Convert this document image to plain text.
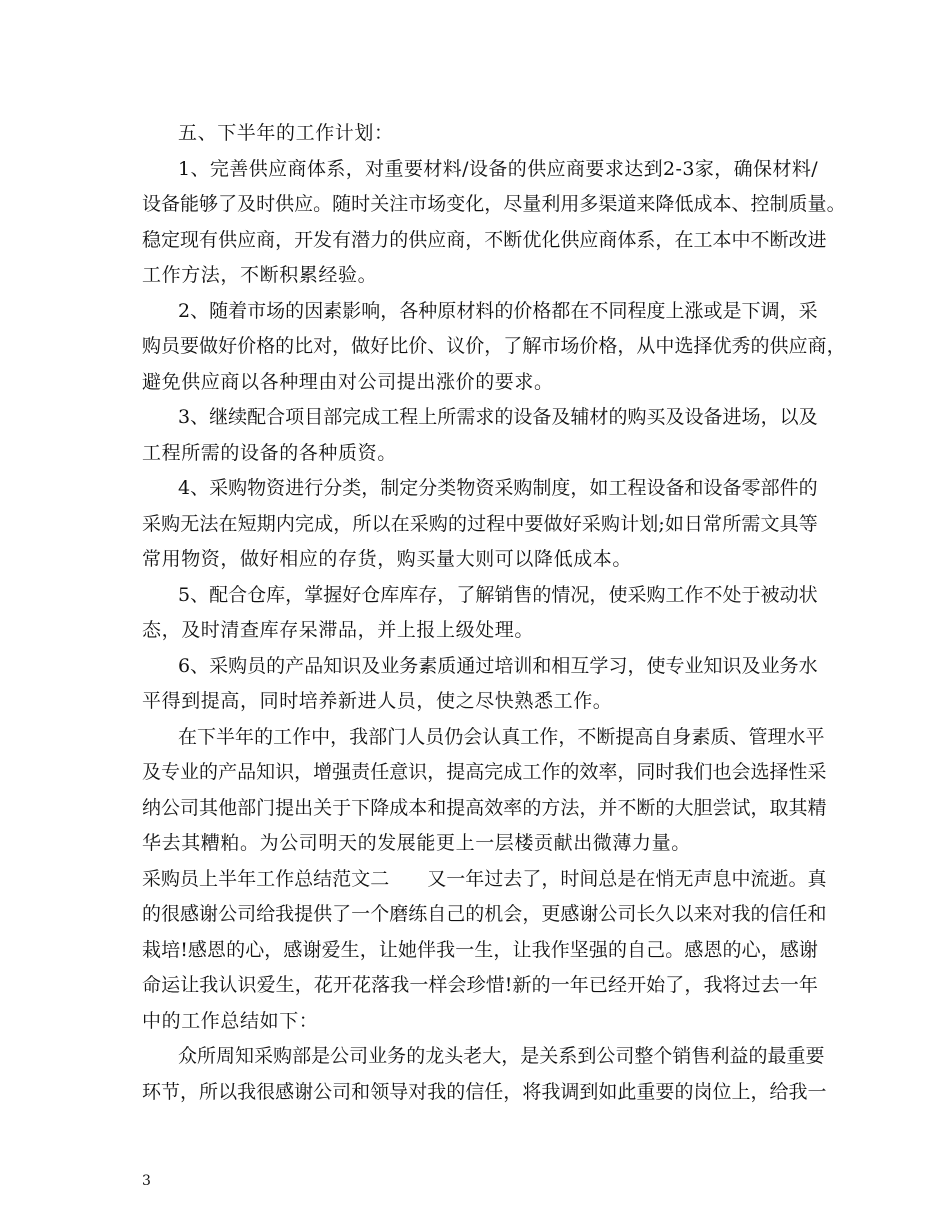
五、下半年的工作计划：
1 、 完 善 供 应 商 体 系 ， 对 重 要 材 料 / 设 备 的 供 应 商 要 求 达 到 2 - 3 家 ， 确 保 材 料 /
设 备 能 够 了 及 时 供 应 。 随 时 关 注 市 场 变 化 ， 尽 量 利 用 多 渠 道 来 降 低 成 本 、 控 制 质 量 。
稳 定 现 有 供 应 商 ， 开 发 有 潜 力 的 供 应 商 ， 不 断 优 化 供 应 商 体 系 ， 在 工 本 中 不 断 改 进
工作方法，不断积累经验。
2 、 随 着 市 场 的 因 素 影 响 ， 各 种 原 材 料 的 价 格 都 在 不 同 程 度 上 涨 或 是 下 调 ， 采
购 员 要 做 好 价 格 的 比 对 ， 做 好 比 价 、 议 价 ， 了 解 市 场 价 格 ， 从 中 选 择 优 秀 的 供 应 商 ，
避免供应商以各种理由对公司提出涨价的要求。
3 、 继 续 配 合 项 目 部 完 成 工 程 上 所 需 求 的 设 备 及 辅 材 的 购 买 及 设 备 进 场 ， 以 及
工程所需的设备的各种质资。
4 、 采 购 物 资 进 行 分 类 ， 制 定 分 类 物 资 采 购 制 度 ， 如 工 程 设 备 和 设 备 零 部 件 的
采 购 无 法 在 短 期 内 完 成 ， 所 以 在 采 购 的 过 程 中 要 做 好 采 购 计 划 ; 如 日 常 所 需 文 具 等
常用物资，做好相应的存货，购买量大则可以降低成本。
5 、 配 合 仓 库 ， 掌 握 好 仓 库 库 存 ， 了 解 销 售 的 情 况 ， 使 采 购 工 作 不 处 于 被 动 状
态，及时清查库存呆滞品，并上报上级处理。
6 、 采 购 员 的 产 品 知 识 及 业 务 素 质 通 过 培 训 和 相 互 学 习 ， 使 专 业 知 识 及 业 务 水
平得到提高，同时培养新进人员，使之尽快熟悉工作。
在 下 半 年 的 工 作 中 ， 我 部 门 人 员 仍 会 认 真 工 作 ， 不 断 提 高 自 身 素 质 、 管 理 水 平
及 专 业 的 产 品 知 识 ， 增 强 责 任 意 识 ， 提 高 完 成 工 作 的 效 率 ， 同 时 我 们 也 会 选 择 性 采
纳 公 司 其 他 部 门 提 出 关 于 下 降 成 本 和 提 高 效 率 的 方 法 ， 并 不 断 的 大 胆 尝 试 ， 取 其 精
华去其糟粕。为公司明天的发展能更上一层楼贡献出微薄力量。
采 购 员 上 半 年 工 作 总 结 范 文 二

　 又 一 年 过 去 了 ， 时 间 总 是 在 悄 无 声 息 中 流 逝 。 真
的 很 感 谢 公 司 给 我 提 供 了 一 个 磨 练 自 己 的 机 会 ， 更 感 谢 公 司 长 久 以 来 对 我 的 信 任 和
栽 培 ! 感 恩 的 心 ， 感 谢 爱 生 ， 让 她 伴 我 一 生 ， 让 我 作 坚 强 的 自 己 。 感 恩 的 心 ， 感 谢
命 运 让 我 认 识 爱 生 ， 花 开 花 落 我 一 样 会 珍 惜 ! 新 的 一 年 已 经 开 始 了 ， 我 将 过 去 一 年
中的工作总结如下：
众 所 周 知 采 购 部 是 公 司 业 务 的 龙 头 老 大 ， 是 关 系 到 公 司 整 个 销 售 利 益 的 最 重 要
环 节 ， 所 以 我 很 感 谢 公 司 和 领 导 对 我 的 信 任 ， 将 我 调 到 如 此 重 要 的 岗 位 上 ， 给 我 一
3
